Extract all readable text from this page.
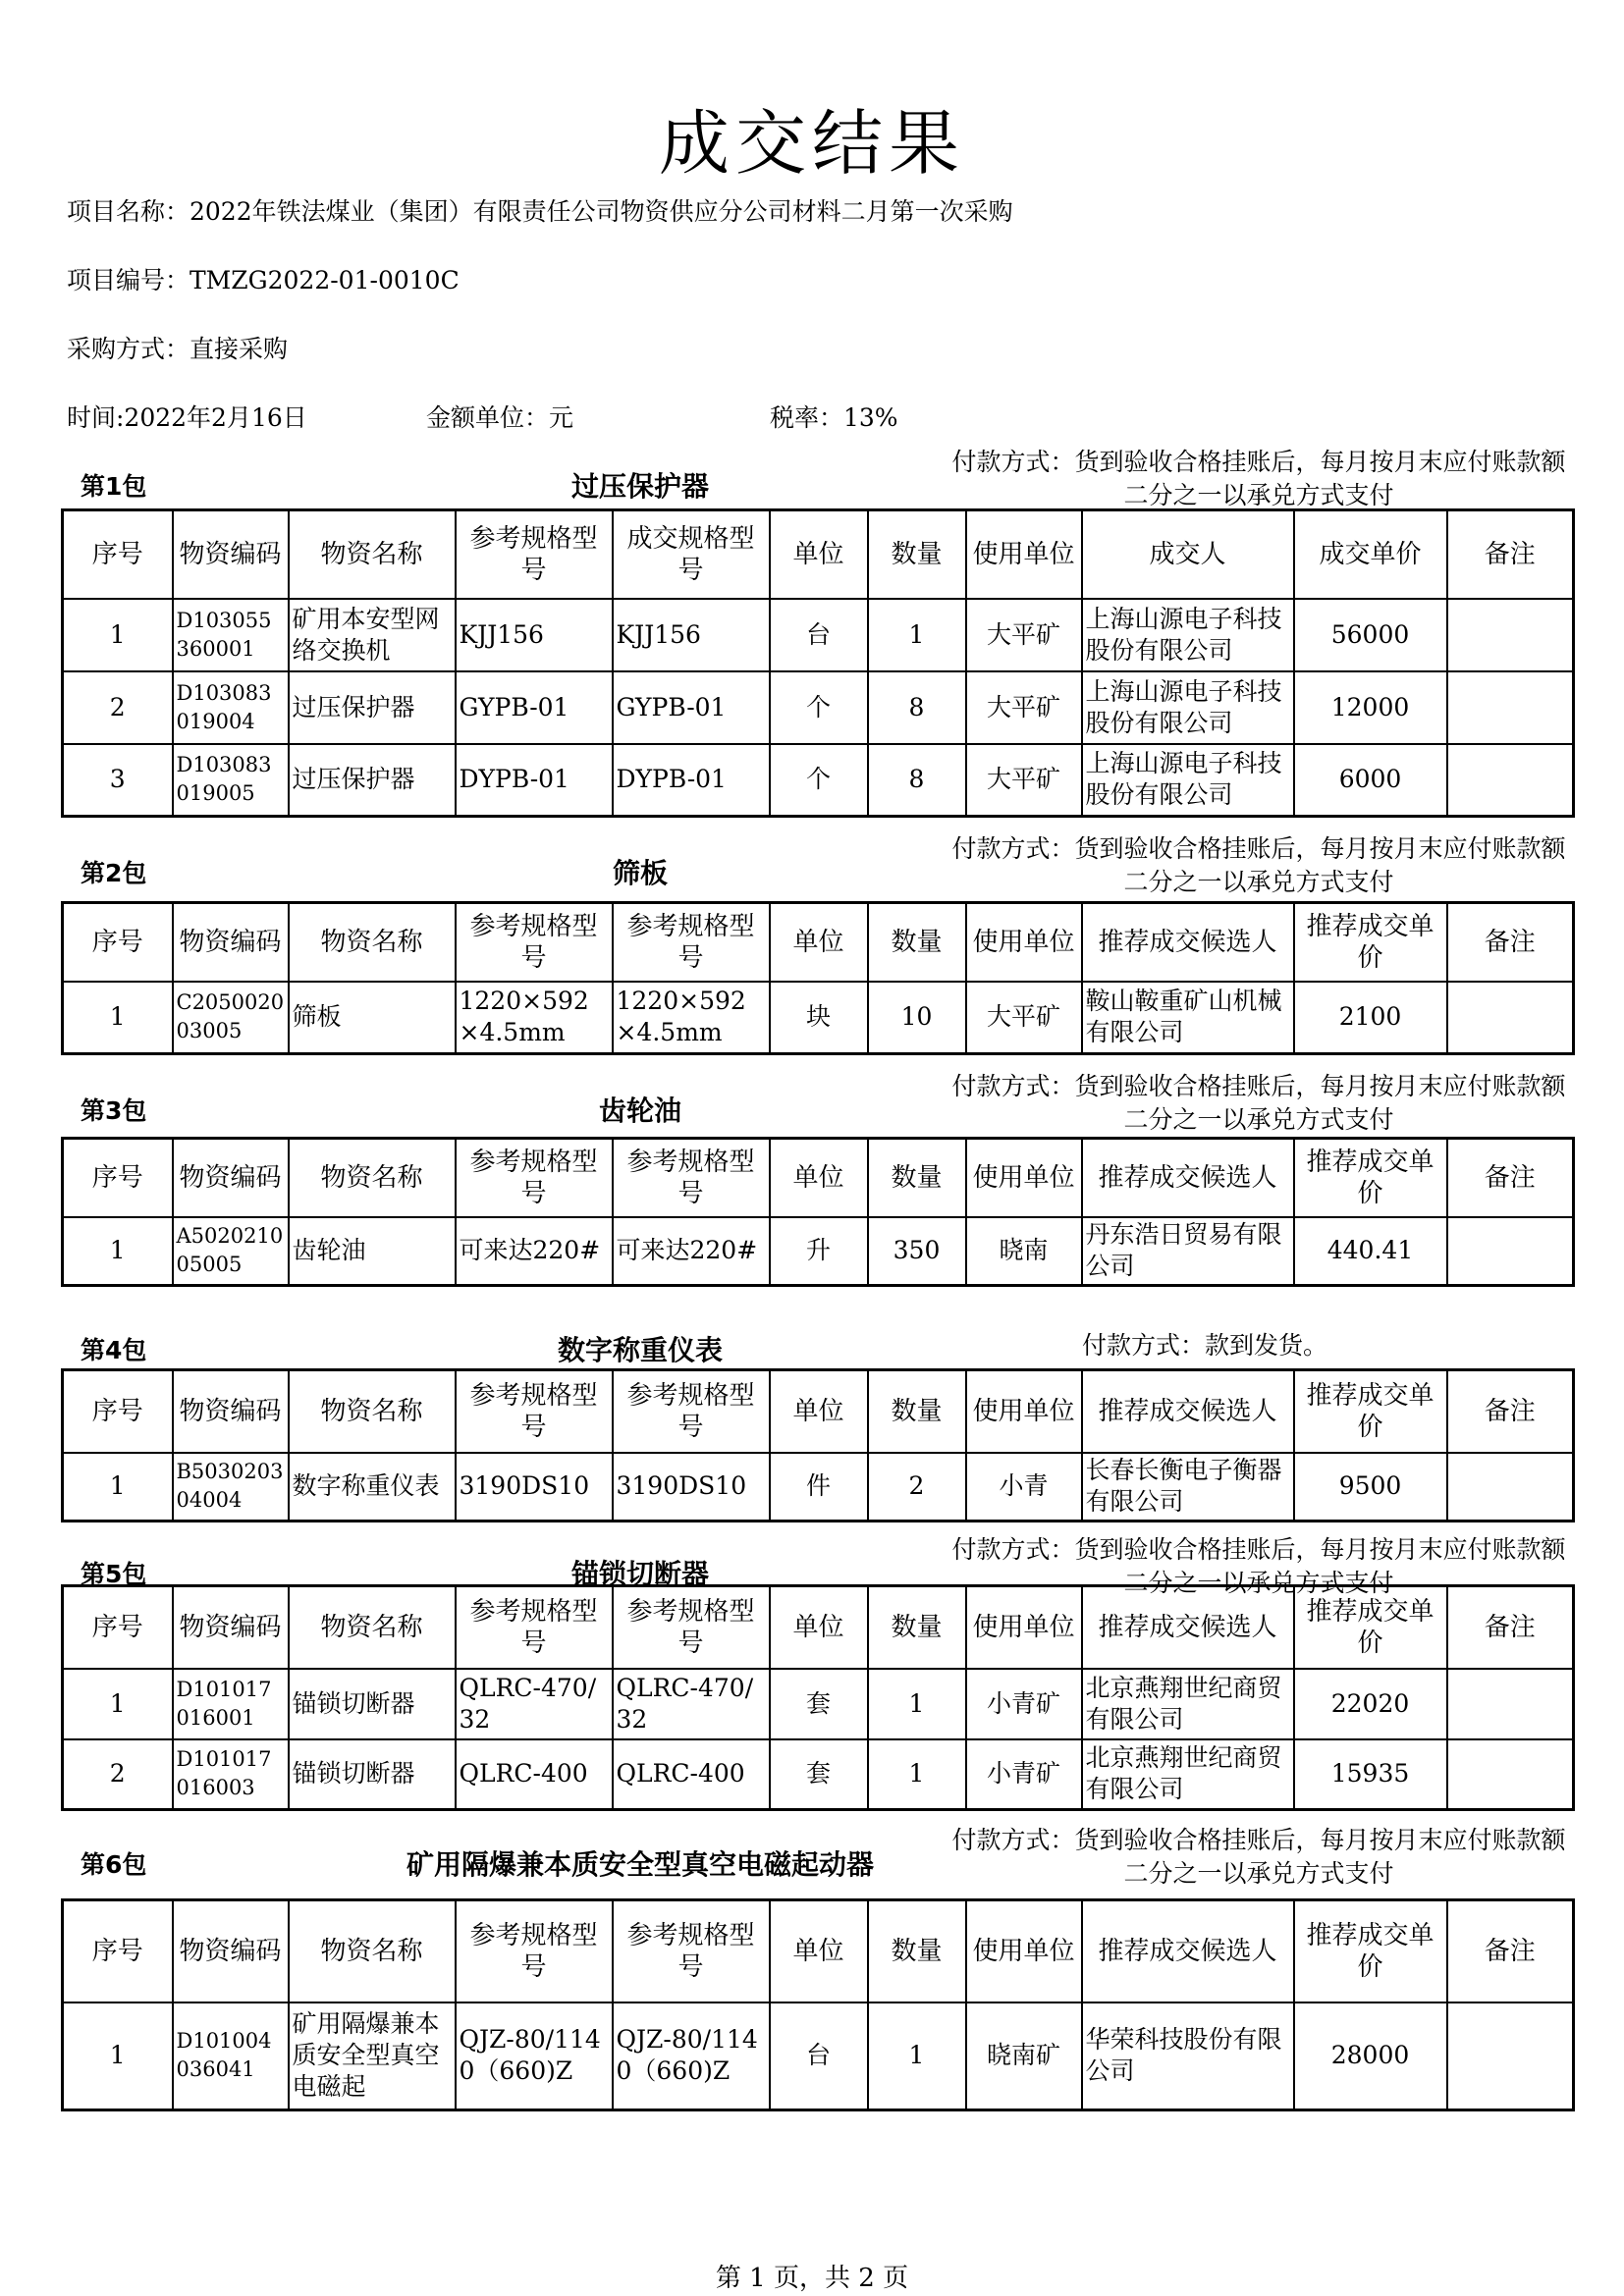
成交结果
项目名称：2022年铁法煤业（集团）有限责任公司物资供应分公司材料二月第一次采购
项目编号：TMZG2022-01-0010C
采购方式：直接采购
时间:2022年2月16日	金额单位：元	税率：13%
第1包	过压保护器
付款方式：货到验收合格挂账后，每月按月末应付账款额
二分之一以承兑方式支付
序号	物资编码	物资名称	参考规格型号	成交规格型号	单位	数量	使用单位	成交人	成交单价	备注
1	D103055360001	矿用本安型网络交换机	KJJ156	KJJ156	台	1	大平矿	上海山源电子科技股份有限公司	56000	
2	D103083019004	过压保护器	GYPB-01	GYPB-01	个	8	大平矿	上海山源电子科技股份有限公司	12000	
3	D103083019005	过压保护器	DYPB-01	DYPB-01	个	8	大平矿	上海山源电子科技股份有限公司	6000	
第2包	筛板
付款方式：货到验收合格挂账后，每月按月末应付账款额
二分之一以承兑方式支付
序号	物资编码	物资名称	参考规格型号	参考规格型号	单位	数量	使用单位	推荐成交候选人	推荐成交单价	备注
1	C205002003005	筛板	1220×592×4.5mm	1220×592×4.5mm	块	10	大平矿	鞍山鞍重矿山机械有限公司	2100	
第3包	齿轮油
付款方式：货到验收合格挂账后，每月按月末应付账款额
二分之一以承兑方式支付
序号	物资编码	物资名称	参考规格型号	参考规格型号	单位	数量	使用单位	推荐成交候选人	推荐成交单价	备注
1	A502021005005	齿轮油	可来达220#	可来达220#	升	350	晓南	丹东浩日贸易有限公司	440.41	
第4包	数字称重仪表	付款方式：款到发货。
序号	物资编码	物资名称	参考规格型号	参考规格型号	单位	数量	使用单位	推荐成交候选人	推荐成交单价	备注
1	B503020304004	数字称重仪表	3190DS10	3190DS10	件	2	小青	长春长衡电子衡器有限公司	9500	
第5包	锚锁切断器
付款方式：货到验收合格挂账后，每月按月末应付账款额
二分之一以承兑方式支付
序号	物资编码	物资名称	参考规格型号	参考规格型号	单位	数量	使用单位	推荐成交候选人	推荐成交单价	备注
1	D101017016001	锚锁切断器	QLRC-470/32	QLRC-470/32	套	1	小青矿	北京燕翔世纪商贸有限公司	22020	
2	D101017016003	锚锁切断器	QLRC-400	QLRC-400	套	1	小青矿	北京燕翔世纪商贸有限公司	15935	
第6包	矿用隔爆兼本质安全型真空电磁起动器
付款方式：货到验收合格挂账后，每月按月末应付账款额
二分之一以承兑方式支付
序号	物资编码	物资名称	参考规格型号	参考规格型号	单位	数量	使用单位	推荐成交候选人	推荐成交单价	备注
1	D101004036041	矿用隔爆兼本质安全型真空电磁起	QJZ-80/1140（660)Z	QJZ-80/1140（660)Z	台	1	晓南矿	华荣科技股份有限公司	28000	
第 1 页，共 2 页
